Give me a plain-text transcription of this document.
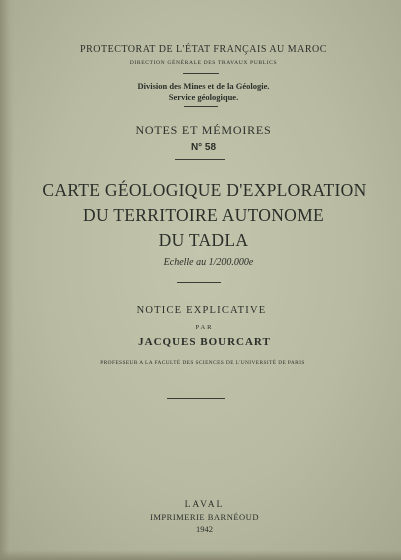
PROTECTORAT DE L'ÉTAT FRANÇAIS AU MAROC
DIRECTION GÉNÉRALE DES TRAVAUX PUBLICS
Division des Mines et de la Géologie.
Service géologique.
NOTES ET MÉMOIRES
N° 58
CARTE GÉOLOGIQUE D'EXPLORATION
DU TERRITOIRE AUTONOME
DU TADLA
Echelle au 1/200.000e
NOTICE EXPLICATIVE
PAR
JACQUES BOURCART
PROFESSEUR A LA FACULTÉ DES SCIENCES DE L'UNIVERSITÉ DE PARIS
LAVAL
IMPRIMERIE BARNÉOUD
1942
